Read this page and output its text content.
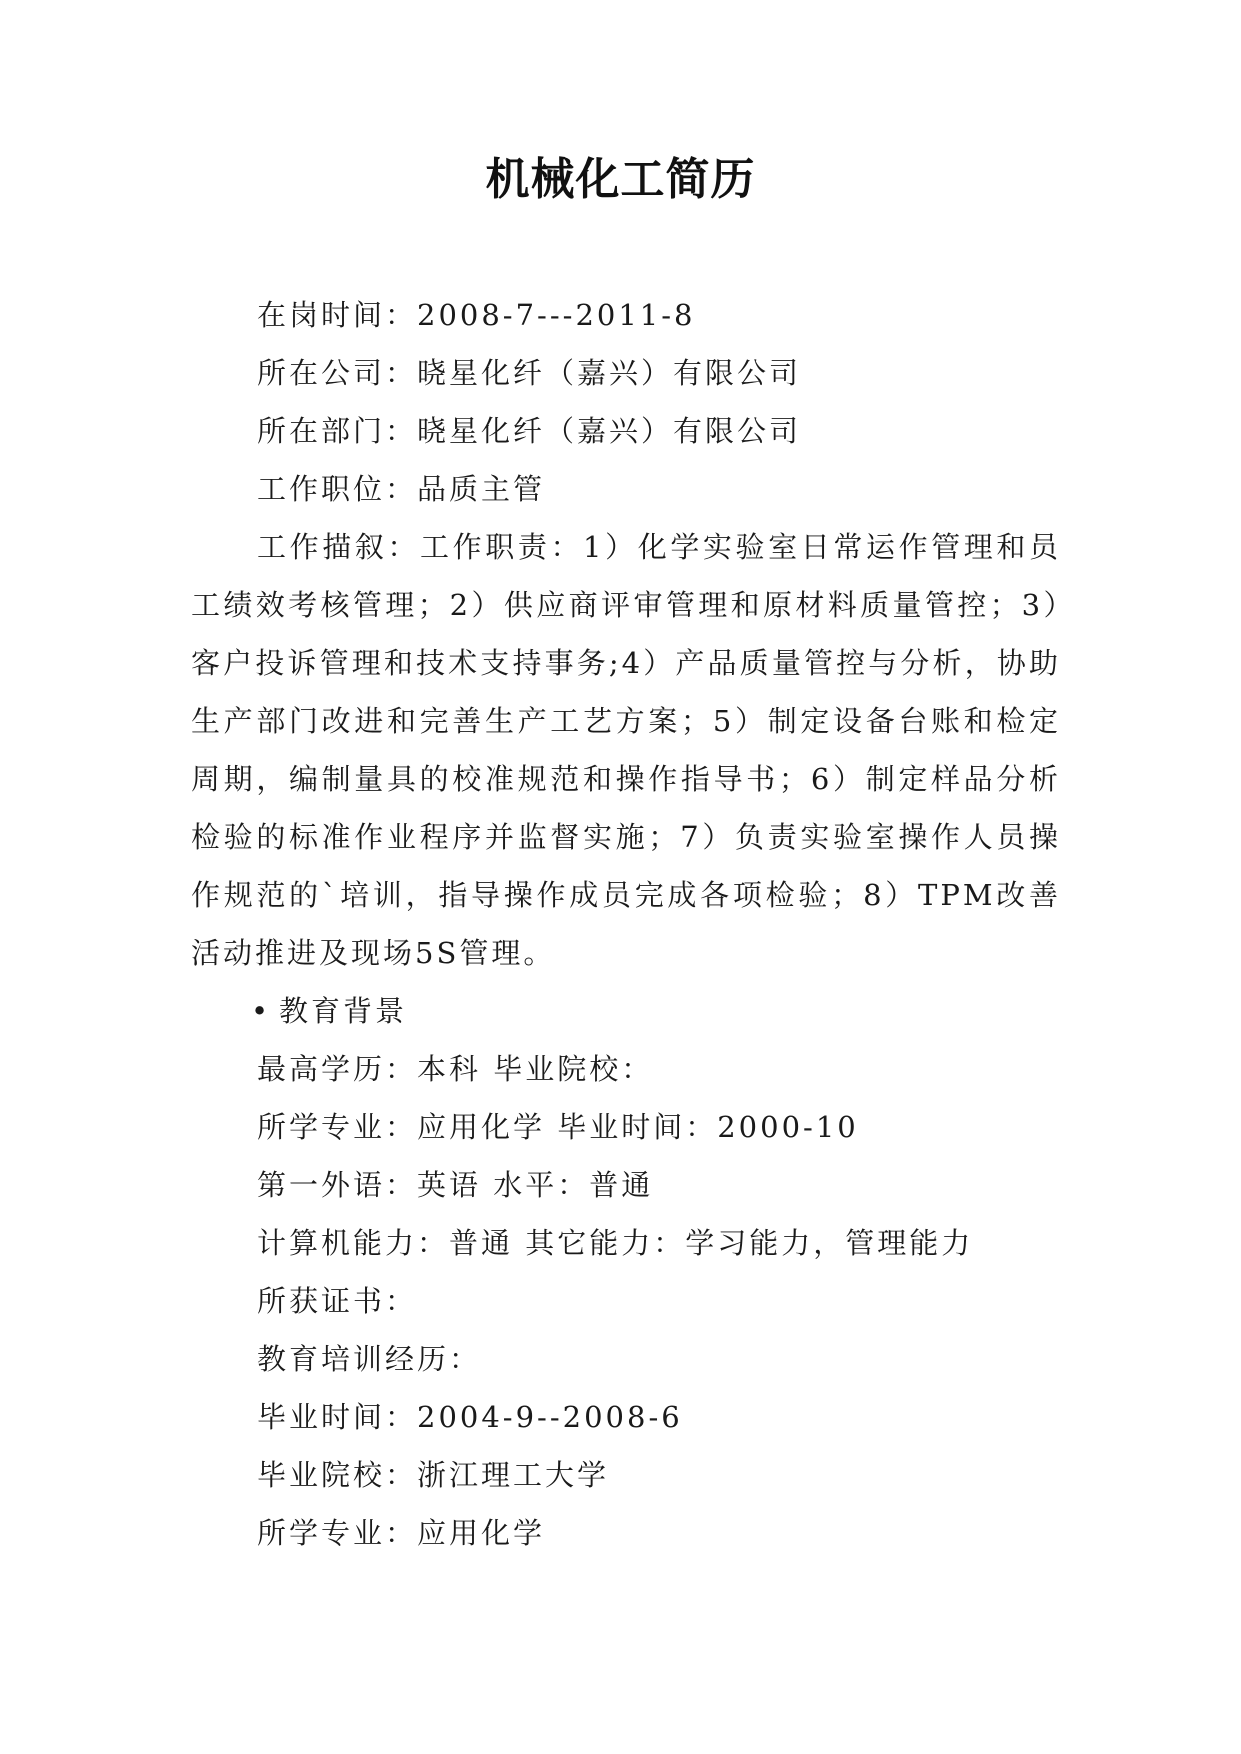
机械化工简历
在岗时间：2008-7---2011-8
所在公司：晓星化纤（嘉兴）有限公司
所在部门：晓星化纤（嘉兴）有限公司
工作职位：品质主管
工作描叙：工作职责：1）化学实验室日常运作管理和员工绩效考核管理；2）供应商评审管理和原材料质量管控；3）客户投诉管理和技术支持事务;4）产品质量管控与分析，协助生产部门改进和完善生产工艺方案；5）制定设备台账和检定周期，编制量具的校准规范和操作指导书；6）制定样品分析检验的标准作业程序并监督实施；7）负责实验室操作人员操作规范的`培训，指导操作成员完成各项检验；8）TPM改善活动推进及现场5S管理。
• 教育背景
最高学历：本科 毕业院校：
所学专业：应用化学 毕业时间：2000-10
第一外语：英语 水平：普通
计算机能力：普通 其它能力：学习能力，管理能力
所获证书：
教育培训经历：
毕业时间：2004-9--2008-6
毕业院校：浙江理工大学
所学专业：应用化学
